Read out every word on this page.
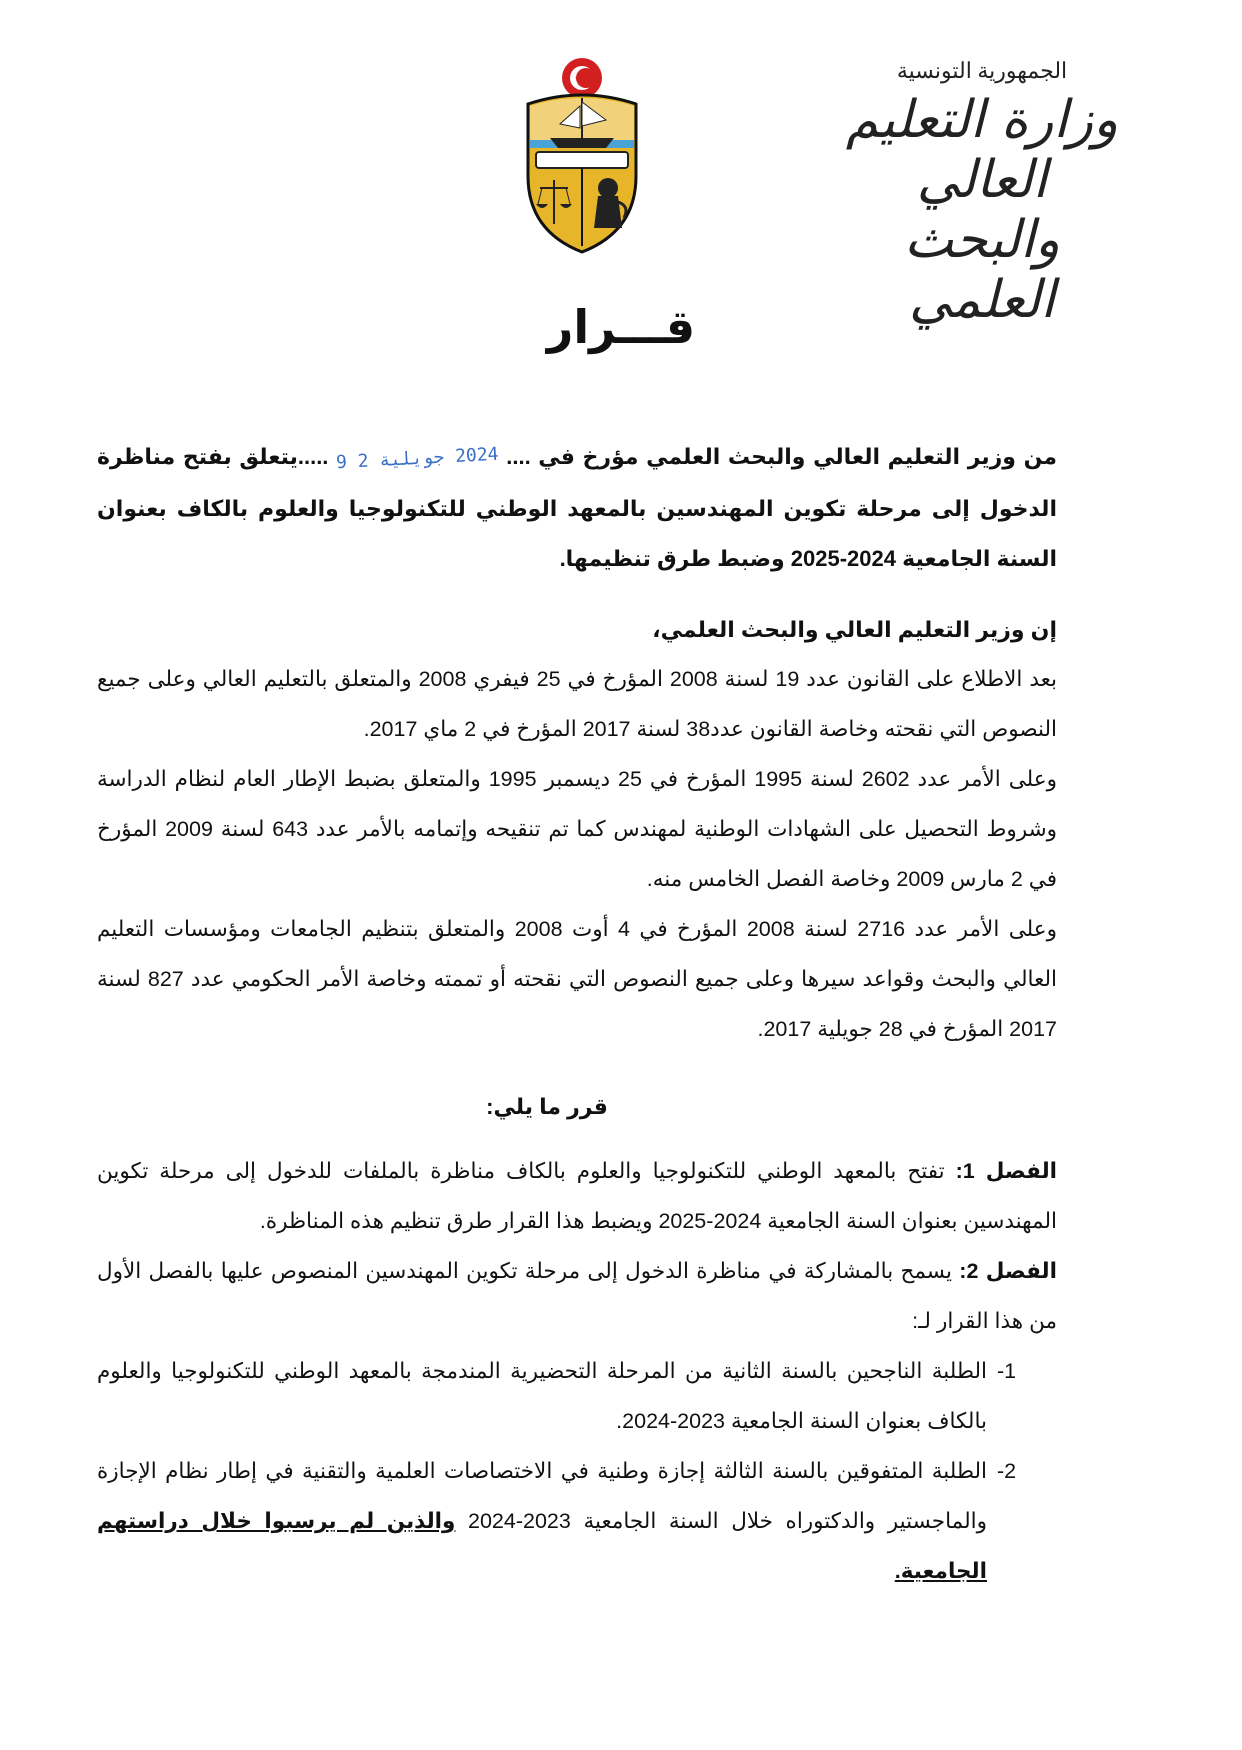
الجمهورية التونسية
وزارة التعليم العالي
والبحث العلمي
قـــرار
من وزير التعليم العالي والبحث العلمي مؤرخ في .... 2024 جويلية 2 9 .....يتعلق بفتح مناظرة الدخول إلى مرحلة تكوين المهندسين بالمعهد الوطني للتكنولوجيا والعلوم بالكاف بعنوان السنة الجامعية 2024-2025 وضبط طرق تنظيمها.
إن وزير التعليم العالي والبحث العلمي،

بعد الاطلاع على القانون عدد 19 لسنة 2008 المؤرخ في 25 فيفري 2008 والمتعلق بالتعليم العالي وعلى جميع النصوص التي نقحته وخاصة القانون عدد38 لسنة 2017 المؤرخ في 2 ماي 2017.

وعلى الأمر عدد 2602 لسنة 1995 المؤرخ في 25 ديسمبر 1995 والمتعلق بضبط الإطار العام لنظام الدراسة وشروط التحصيل على الشهادات الوطنية لمهندس كما تم تنقيحه وإتمامه بالأمر عدد 643 لسنة 2009 المؤرخ في 2 مارس 2009 وخاصة الفصل الخامس منه.

وعلى الأمر عدد 2716 لسنة 2008 المؤرخ في 4 أوت 2008 والمتعلق بتنظيم الجامعات ومؤسسات التعليم العالي والبحث وقواعد سيرها وعلى جميع النصوص التي نقحته أو تممته وخاصة الأمر الحكومي عدد 827 لسنة 2017 المؤرخ في 28 جويلية 2017.

قرر ما يلي:

الفصل 1: تفتح بالمعهد الوطني للتكنولوجيا والعلوم بالكاف مناظرة بالملفات للدخول إلى مرحلة تكوين المهندسين بعنوان السنة الجامعية 2024-2025 ويضبط هذا القرار طرق تنظيم هذه المناظرة.

الفصل 2: يسمح بالمشاركة في مناظرة الدخول إلى مرحلة تكوين المهندسين المنصوص عليها بالفصل الأول من هذا القرار لـ:

1-
الطلبة الناجحين بالسنة الثانية من المرحلة التحضيرية المندمجة بالمعهد الوطني للتكنولوجيا والعلوم بالكاف بعنوان السنة الجامعية 2023-2024.
2-
الطلبة المتفوقين بالسنة الثالثة إجازة وطنية في الاختصاصات العلمية والتقنية في إطار نظام الإجازة والماجستير والدكتوراه خلال السنة الجامعية 2023-2024 والذين لم يرسبوا خلال دراستهم الجامعية.
